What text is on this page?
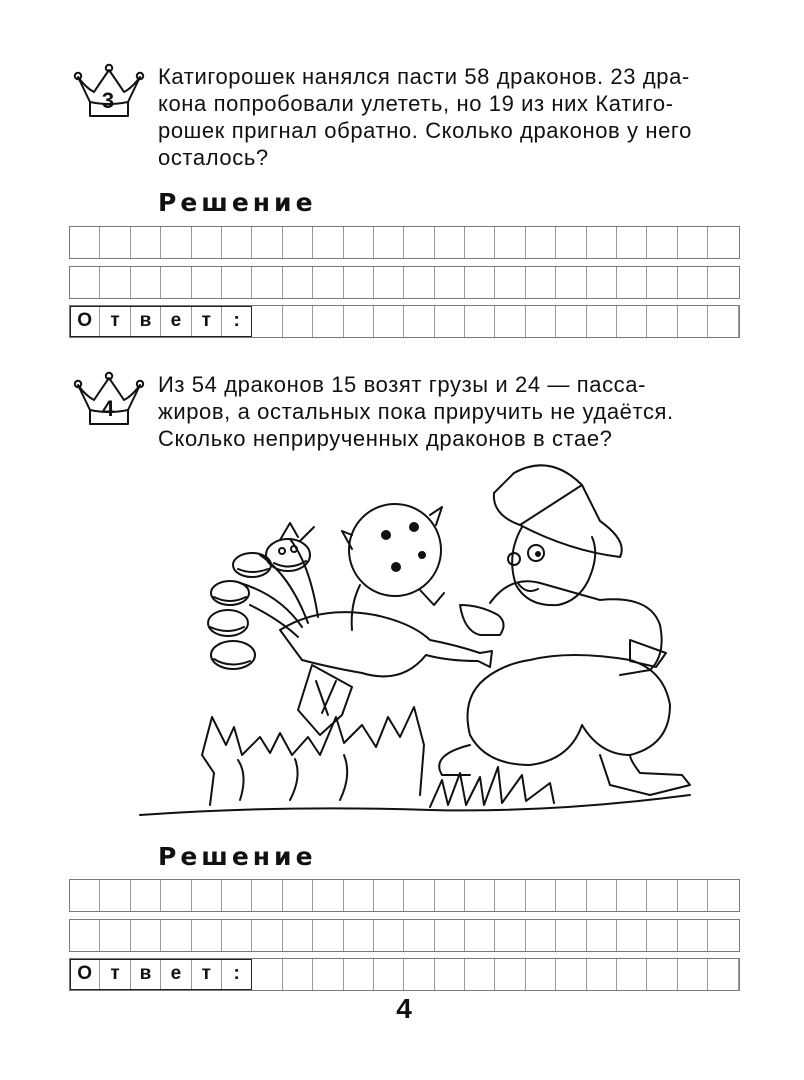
3

Катигорошек нанялся пасти 58 драконов. 23 дра-

кона попробовали улететь, но 19 из них Катиго-

рошек пригнал обратно. Сколько драконов у него

осталось?

Решение
О т	в	е	т	:
4

Из 54 драконов 15 возят грузы и 24 — пасса-

жиров, а остальных пока приручить не удаётся.

Сколько неприрученных драконов в стае?

Решение
О т	в	е	т	:
4
